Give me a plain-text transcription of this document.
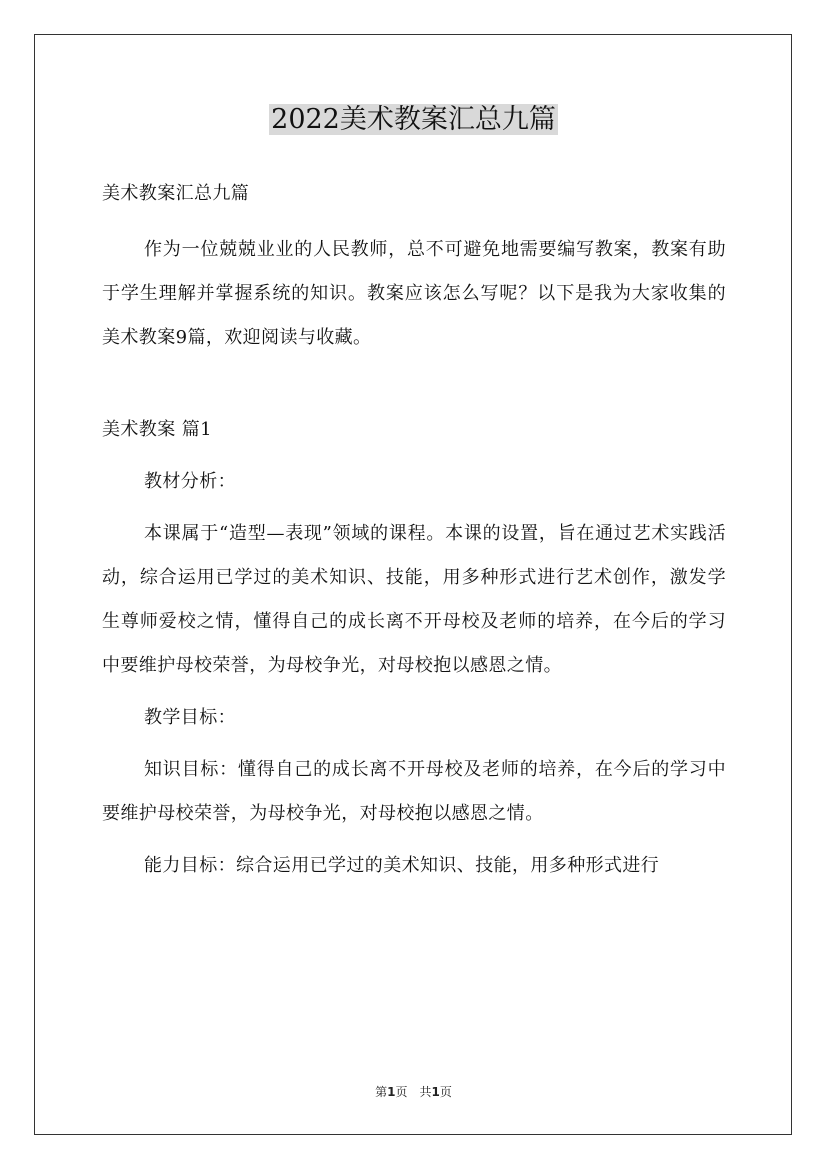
2022美术教案汇总九篇

美术教案汇总九篇

作为一位兢兢业业的人民教师，总不可避免地需要编写教案，教案有助于学生理解并掌握系统的知识。教案应该怎么写呢？以下是我为大家收集的美术教案9篇，欢迎阅读与收藏。

美术教案 篇1

教材分析：

本课属于“造型—表现”领域的课程。本课的设置，旨在通过艺术实践活动，综合运用已学过的美术知识、技能，用多种形式进行艺术创作，激发学生尊师爱校之情，懂得自己的成长离不开母校及老师的培养，在今后的学习中要维护母校荣誉，为母校争光，对母校抱以感恩之情。

教学目标：

知识目标：懂得自己的成长离不开母校及老师的培养，在今后的学习中要维护母校荣誉，为母校争光，对母校抱以感恩之情。

能力目标：综合运用已学过的美术知识、技能，用多种形式进行

第1页　共1页
